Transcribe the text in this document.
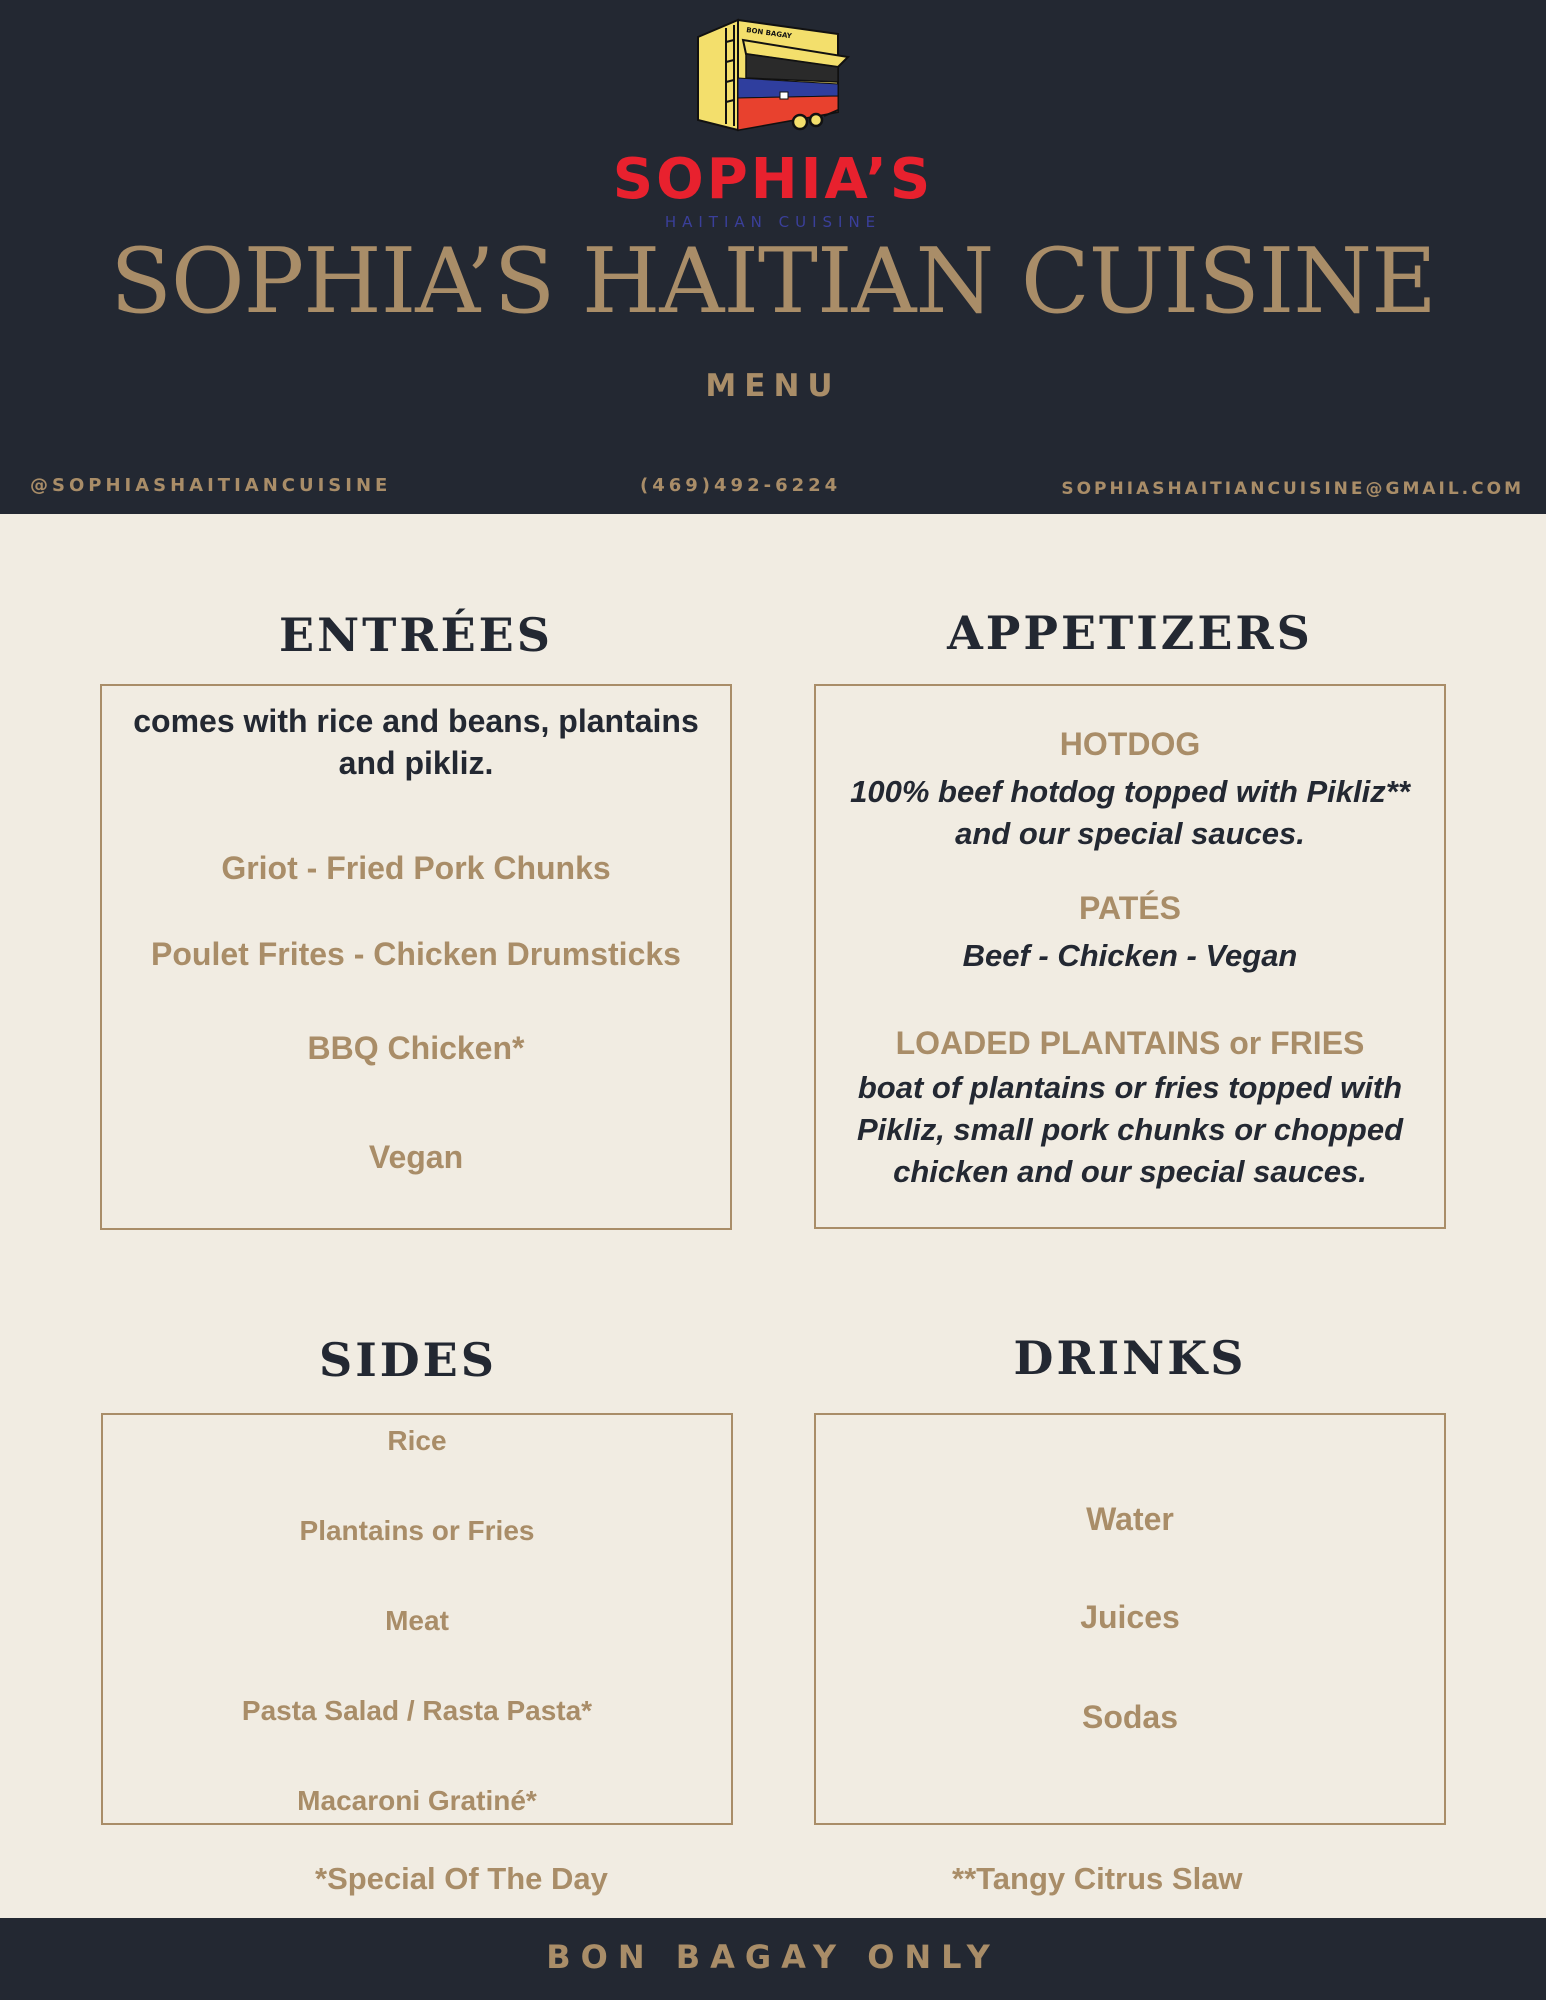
BON BAGAY
SOPHIA’S
HAITIAN CUISINE
SOPHIA’S HAITIAN CUISINE
MENU
@SOPHIASHAITIANCUISINE	(469)492-6224	SOPHIASHAITIANCUISINE@GMAIL.COM
ENTRÉES
comes with rice and beans, plantains
and pikliz.
Griot - Fried Pork Chunks
Poulet Frites - Chicken Drumsticks
BBQ Chicken*
Vegan
APPETIZERS
HOTDOG
100% beef hotdog topped with Pikliz**
and our special sauces.
PATÉS
Beef - Chicken - Vegan
LOADED PLANTAINS or FRIES
boat of plantains or fries topped with
Pikliz, small pork chunks or chopped
chicken and our special sauces.
SIDES
Rice
Plantains or Fries
Meat
Pasta Salad / Rasta Pasta*
Macaroni Gratiné*
DRINKS
Water
Juices
Sodas
*Special Of The Day	**Tangy Citrus Slaw
BON BAGAY ONLY
